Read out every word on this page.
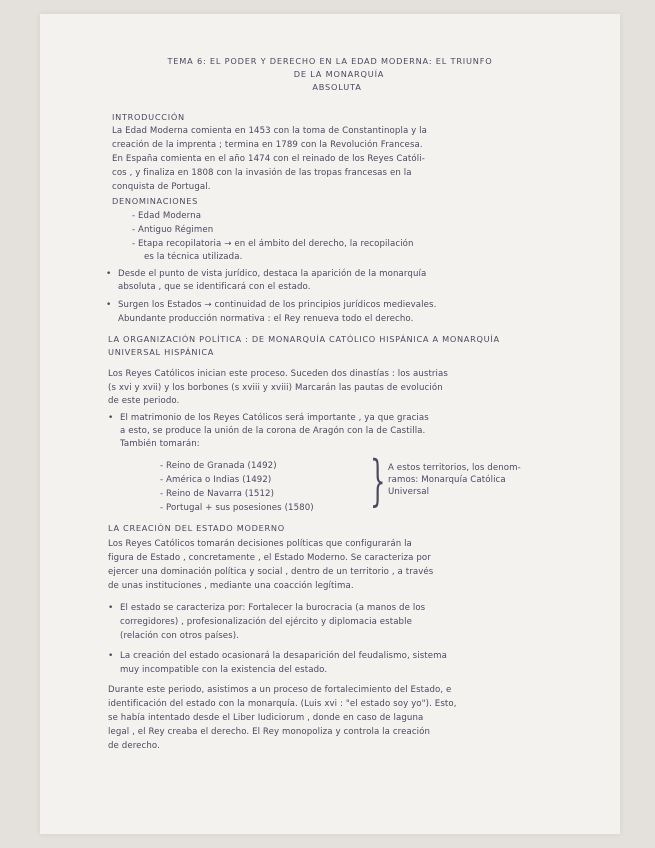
TEMA 6: EL PODER Y DERECHO EN LA EDAD MODERNA: EL TRIUNFO
DE LA MONARQUÍA
ABSOLUTA
INTRODUCCIÓN
La Edad Moderna comienta en 1453 con la toma de Constantinopla y la
creación de la imprenta ; termina en 1789 con la Revolución Francesa.
En España comienta en el año 1474 con el reinado de los Reyes Católi-
cos , y finaliza en 1808 con la invasión de las tropas francesas en la
conquista de Portugal.
DENOMINACIONES
- Edad Moderna
- Antiguo Régimen
- Etapa recopilatoria → en el ámbito del derecho, la recopilación
es la técnica utilizada.
• Desde el punto de vista jurídico, destaca la aparición de la monarquía
absoluta , que se identificará con el estado.
• Surgen los Estados → continuidad de los principios jurídicos medievales.
Abundante producción normativa : el Rey renueva todo el derecho.
LA ORGANIZACIÓN POLÍTICA : DE MONARQUÍA CATÓLICO HISPÁNICA A MONARQUÍA
UNIVERSAL HISPÁNICA
Los Reyes Católicos inician este proceso. Suceden dos dinastías : los austrias
(s xvi y xvii) y los borbones (s xviii y xviii) Marcarán las pautas de evolución
de este periodo.
• El matrimonio de los Reyes Católicos será importante , ya que gracias
a esto, se produce la unión de la corona de Aragón con la de Castilla.
También tomarán:
- Reino de Granada (1492)
- América o Indias (1492)
- Reino de Navarra (1512)
- Portugal + sus posesiones (1580) } A estos territorios, los denom-
ramos: Monarquía Católica
Universal
LA CREACIÓN DEL ESTADO MODERNO
Los Reyes Católicos tomarán decisiones políticas que configurarán la
figura de Estado , concretamente , el Estado Moderno. Se caracteriza por
ejercer una dominación política y social , dentro de un territorio , a través
de unas instituciones , mediante una coacción legítima.
• El estado se caracteriza por: Fortalecer la burocracia (a manos de los
corregidores) , profesionalización del ejército y diplomacia estable
(relación con otros países).
• La creación del estado ocasionará la desaparición del feudalismo, sistema
muy incompatible con la existencia del estado.
Durante este periodo, asistimos a un proceso de fortalecimiento del Estado, e
identificación del estado con la monarquía. (Luis xvi : "el estado soy yo"). Esto,
se había intentado desde el Liber Iudiciorum , donde en caso de laguna
legal , el Rey creaba el derecho. El Rey monopoliza y controla la creación
de derecho.
